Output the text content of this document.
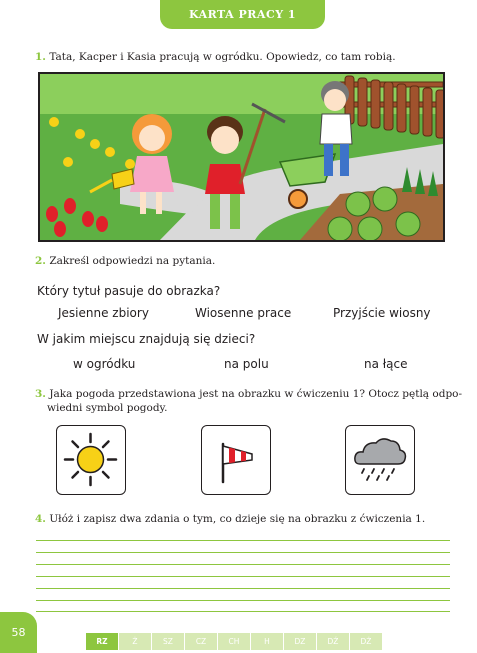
KARTA PRACY 1
1. Tata, Kacper i Kasia pracują w ogródku. Opowiedz, co tam robią.
2. Zakreśl odpowiedzi na pytania.
Który tytuł pasuje do obrazka?
Jesienne zbiory	Wiosenne prace	Przyjście wiosny
W jakim miejscu znajdują się dzieci?
w ogródku	na polu	na łące
3. Jaka pogoda przedstawiona jest na obrazku w ćwiczeniu 1? Otocz pętlą odpo-
wiedni symbol pogody.
4. Ułóż i zapisz dwa zdania o tym, co dzieje się na obrazku z ćwiczenia 1.
58
RZ	Ż	SZ	CZ	CH	H	DZ	DŹ	DŻ
